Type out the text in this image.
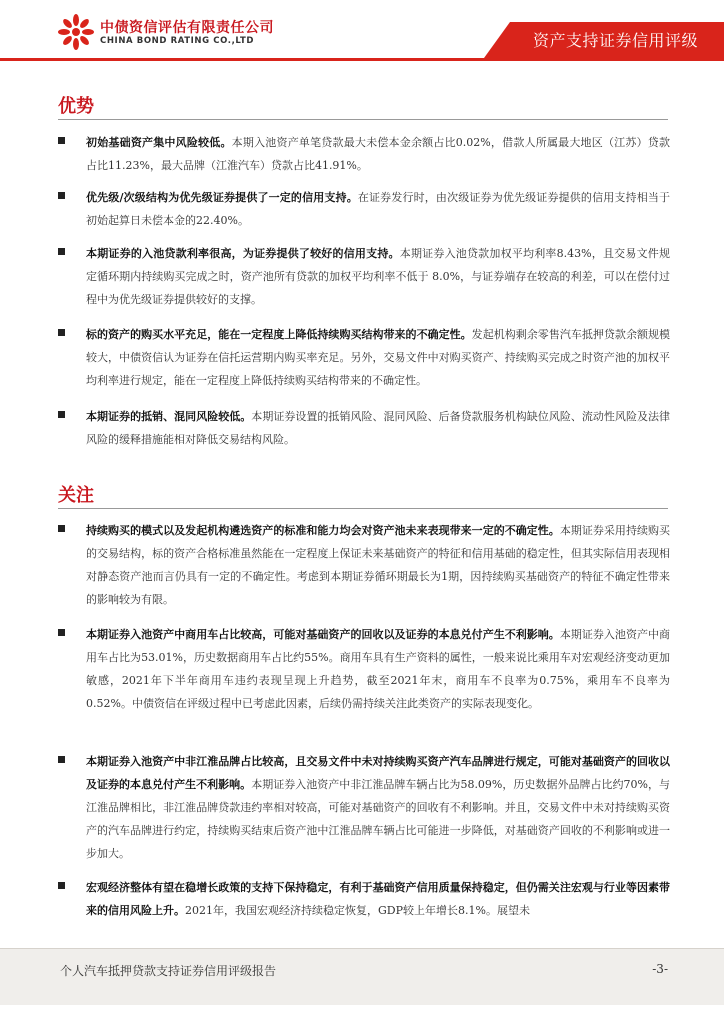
中债资信评估有限责任公司
CHINA BOND RATING CO.,LTD	资产支持证券信用评级
优势
初始基础资产集中风险较低。本期入池资产单笔贷款最大未偿本金余额占比0.02%，借款人所属最大地区（江苏）贷款占比11.23%，最大品牌（江淮汽车）贷款占比41.91%。
优先级/次级结构为优先级证券提供了一定的信用支持。在证券发行时，由次级证券为优先级证券提供的信用支持相当于初始起算日未偿本金的22.40%。
本期证券的入池贷款利率很高，为证券提供了较好的信用支持。本期证券入池贷款加权平均利率8.43%，且交易文件规定循环期内持续购买完成之时，资产池所有贷款的加权平均利率不低于 8.0%，与证券端存在较高的利差，可以在偿付过程中为优先级证券提供较好的支撑。
标的资产的购买水平充足，能在一定程度上降低持续购买结构带来的不确定性。发起机构剩余零售汽车抵押贷款余额规模较大，中债资信认为证券在信托运营期内购买率充足。另外，交易文件中对购买资产、持续购买完成之时资产池的加权平均利率进行规定，能在一定程度上降低持续购买结构带来的不确定性。
本期证券的抵销、混同风险较低。本期证券设置的抵销风险、混同风险、后备贷款服务机构缺位风险、流动性风险及法律风险的缓释措施能相对降低交易结构风险。
关注
持续购买的模式以及发起机构遴选资产的标准和能力均会对资产池未来表现带来一定的不确定性。本期证券采用持续购买的交易结构，标的资产合格标准虽然能在一定程度上保证未来基础资产的特征和信用基础的稳定性，但其实际信用表现相对静态资产池而言仍具有一定的不确定性。考虑到本期证券循环期最长为1期，因持续购买基础资产的特征不确定性带来的影响较为有限。
本期证券入池资产中商用车占比较高，可能对基础资产的回收以及证券的本息兑付产生不利影响。本期证券入池资产中商用车占比为53.01%，历史数据商用车占比约55%。商用车具有生产资料的属性，一般来说比乘用车对宏观经济变动更加敏感，2021年下半年商用车违约表现呈现上升趋势，截至2021年末，商用车不良率为0.75%，乘用车不良率为0.52%。中债资信在评级过程中已考虑此因素，后续仍需持续关注此类资产的实际表现变化。
本期证券入池资产中非江淮品牌占比较高，且交易文件中未对持续购买资产汽车品牌进行规定，可能对基础资产的回收以及证券的本息兑付产生不利影响。本期证券入池资产中非江淮品牌车辆占比为58.09%，历史数据外品牌占比约70%，与江淮品牌相比，非江淮品牌贷款违约率相对较高，可能对基础资产的回收有不利影响。并且，交易文件中未对持续购买资产的汽车品牌进行约定，持续购买结束后资产池中江淮品牌车辆占比可能进一步降低，对基础资产回收的不利影响或进一步加大。
宏观经济整体有望在稳增长政策的支持下保持稳定，有利于基础资产信用质量保持稳定，但仍需关注宏观与行业等因素带来的信用风险上升。2021年，我国宏观经济持续稳定恢复，GDP较上年增长8.1%。展望未
个人汽车抵押贷款支持证券信用评级报告	-3-
